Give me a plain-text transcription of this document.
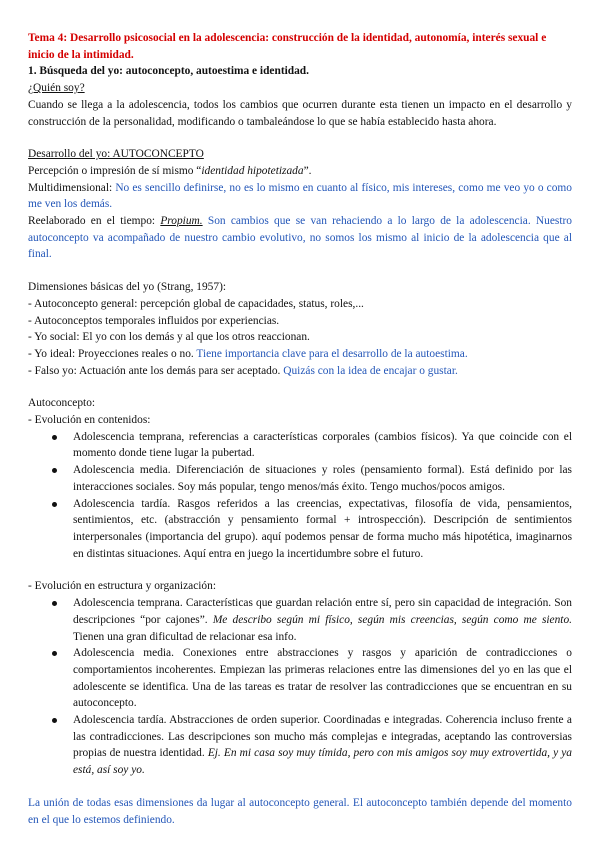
Tema 4: Desarrollo psicosocial en la adolescencia: construcción de la identidad, autonomía, interés sexual e inicio de la intimidad.

1. Búsqueda del yo: autoconcepto, autoestima e identidad.

¿Quién soy?

Cuando se llega a la adolescencia, todos los cambios que ocurren durante esta tienen un impacto en el desarrollo y construcción de la personalidad, modificando o tambaleándose lo que se había establecido hasta ahora.

Desarrollo del yo: AUTOCONCEPTO

Percepción o impresión de sí mismo “identidad hipotetizada”.

Multidimensional: No es sencillo definirse, no es lo mismo en cuanto al físico, mis intereses, como me veo yo o como me ven los demás.

Reelaborado en el tiempo: Propium. Son cambios que se van rehaciendo a lo largo de la adolescencia. Nuestro autoconcepto va acompañado de nuestro cambio evolutivo, no somos los mismo al inicio de la adolescencia que al final.

Dimensiones básicas del yo (Strang, 1957):

- Autoconcepto general: percepción global de capacidades, status, roles,...

- Autoconceptos temporales influidos por experiencias.

- Yo social: El yo con los demás y al que los otros reaccionan.

- Yo ideal: Proyecciones reales o no. Tiene importancia clave para el desarrollo de la autoestima.

- Falso yo: Actuación ante los demás para ser aceptado. Quizás con la idea de encajar o gustar.

Autoconcepto:

- Evolución en contenidos:

Adolescencia temprana, referencias a características corporales (cambios físicos). Ya que coincide con el momento donde tiene lugar la pubertad.
Adolescencia media. Diferenciación de situaciones y roles (pensamiento formal). Está definido por las interacciones sociales. Soy más popular, tengo menos/más éxito. Tengo muchos/pocos amigos.
Adolescencia tardía. Rasgos referidos a las creencias, expectativas, filosofía de vida, pensamientos, sentimientos, etc. (abstracción y pensamiento formal + introspección). Descripción de sentimientos interpersonales (importancia del grupo). aquí podemos pensar de forma mucho más hipotética, imaginarnos en distintas situaciones. Aquí entra en juego la incertidumbre sobre el futuro.

- Evolución en estructura y organización:

Adolescencia temprana. Características que guardan relación entre sí, pero sin capacidad de integración. Son descripciones “por cajones”. Me describo según mi físico, según mis creencias, según como me siento. Tienen una gran dificultad de relacionar esa info.
Adolescencia media. Conexiones entre abstracciones y rasgos y aparición de contradicciones o comportamientos incoherentes. Empiezan las primeras relaciones entre las dimensiones del yo en las que el adolescente se identifica. Una de las tareas es tratar de resolver las contradicciones que se encuentran en su autoconcepto.
Adolescencia tardía. Abstracciones de orden superior. Coordinadas e integradas. Coherencia incluso frente a las contradicciones. Las descripciones son mucho más complejas e integradas, aceptando las controversias propias de nuestra identidad. Ej. En mi casa soy muy tímida, pero con mis amigos soy muy extrovertida, y ya está, así soy yo.

La unión de todas esas dimensiones da lugar al autoconcepto general. El autoconcepto también depende del momento en el que lo estemos definiendo.
